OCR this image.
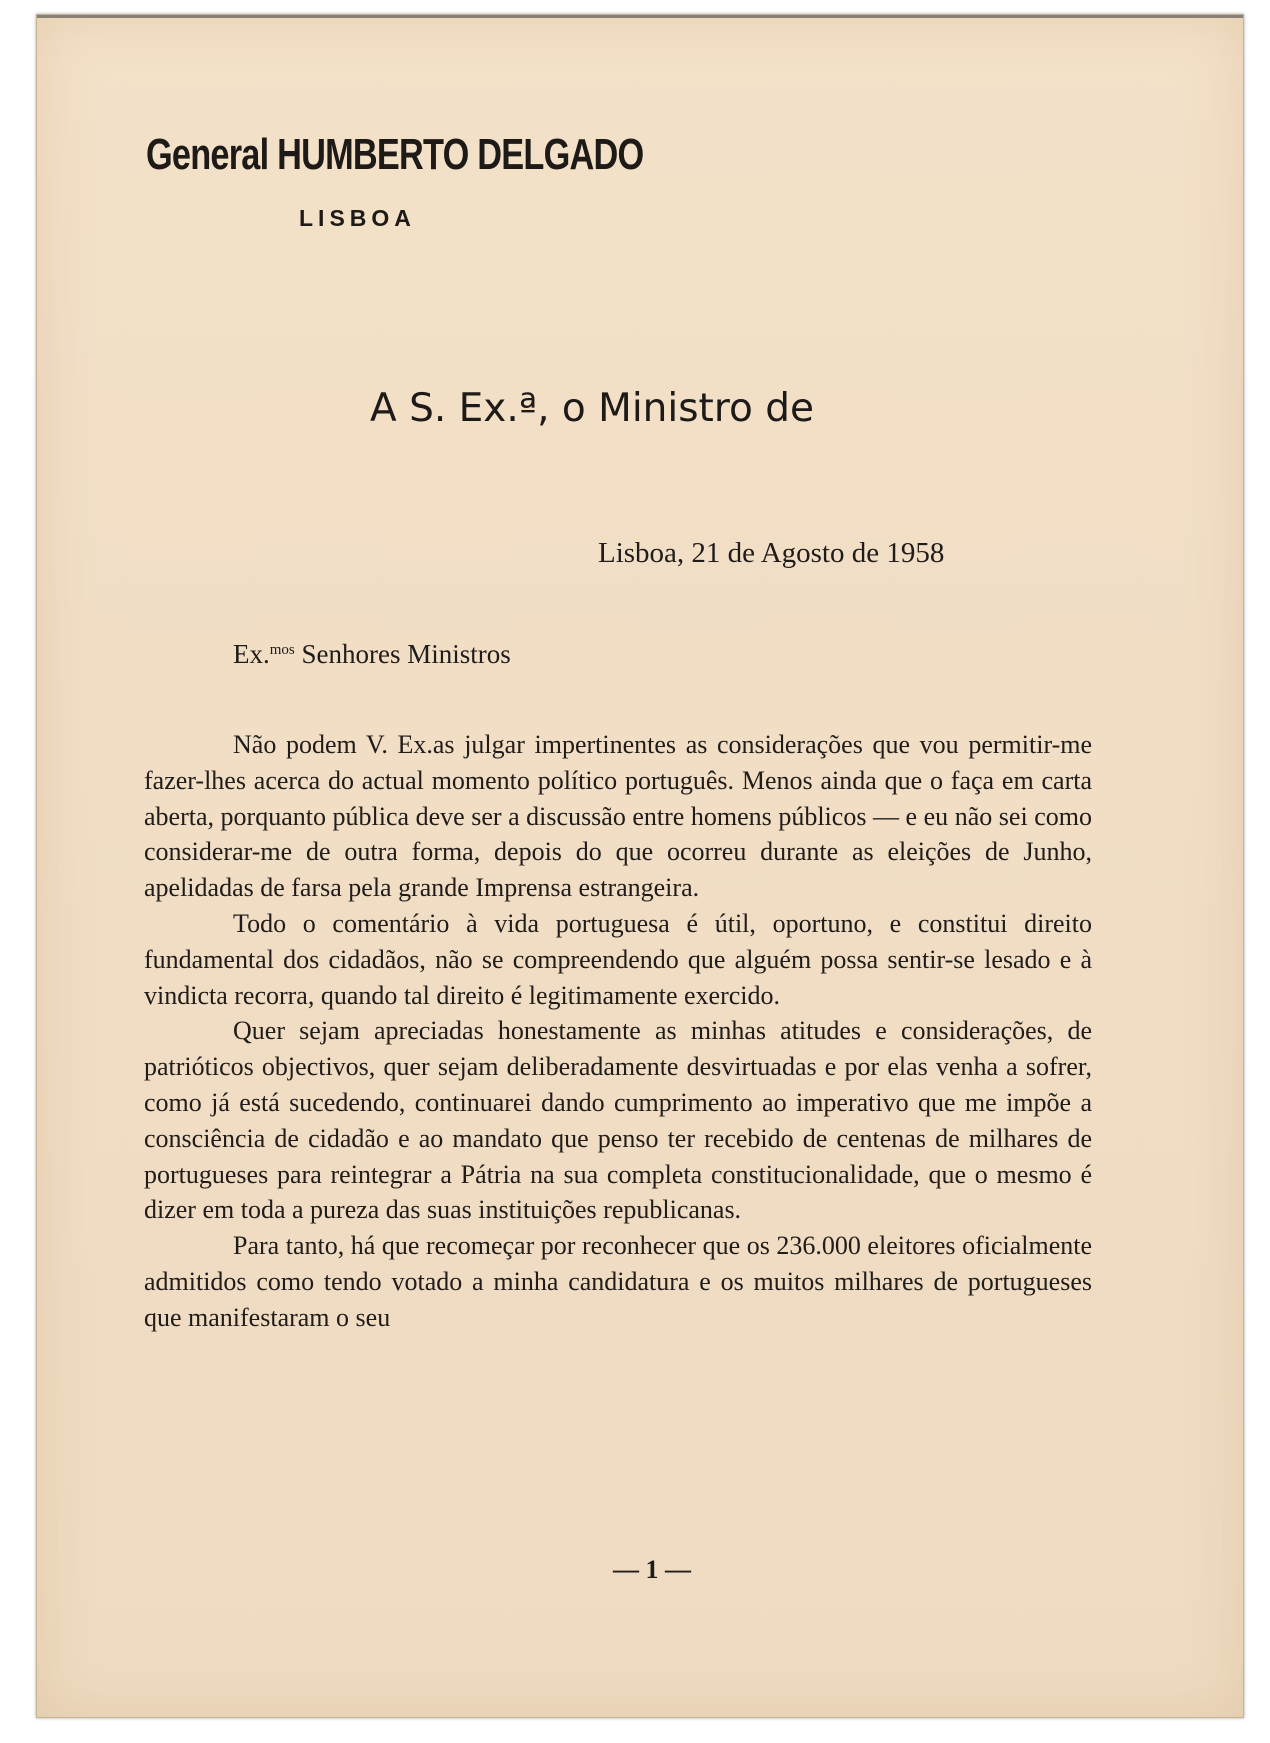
General HUMBERTO DELGADO
LISBOA
A S. Ex.ª, o Ministro de
Lisboa, 21 de Agosto de 1958
Ex.$^{mos}$ Senhores Ministros

Não podem V. Ex.as julgar impertinentes as considerações que vou permitir-me fazer-lhes acerca do actual momento político português. Menos ainda que o faça em carta aberta, porquanto pública deve ser a discussão entre homens públicos — e eu não sei como considerar-me de outra forma, depois do que ocorreu durante as eleições de Junho, apelidadas de farsa pela grande Imprensa estrangeira.

Todo o comentário à vida portuguesa é útil, oportuno, e constitui direito fundamental dos cidadãos, não se compreendendo que alguém possa sentir-se lesado e à vindicta recorra, quando tal direito é legitimamente exercido.

Quer sejam apreciadas honestamente as minhas atitudes e considerações, de patrióticos objectivos, quer sejam deliberadamente desvirtuadas e por elas venha a sofrer, como já está sucedendo, continuarei dando cumprimento ao imperativo que me impõe a consciência de cidadão e ao mandato que penso ter recebido de centenas de milhares de portugueses para reintegrar a Pátria na sua completa constitucionalidade, que o mesmo é dizer em toda a pureza das suas instituições republicanas.

Para tanto, há que recomeçar por reconhecer que os 236.000 eleitores oficialmente admitidos como tendo votado a minha candidatura e os muitos milhares de portugueses que manifestaram o seu

— 1 —
